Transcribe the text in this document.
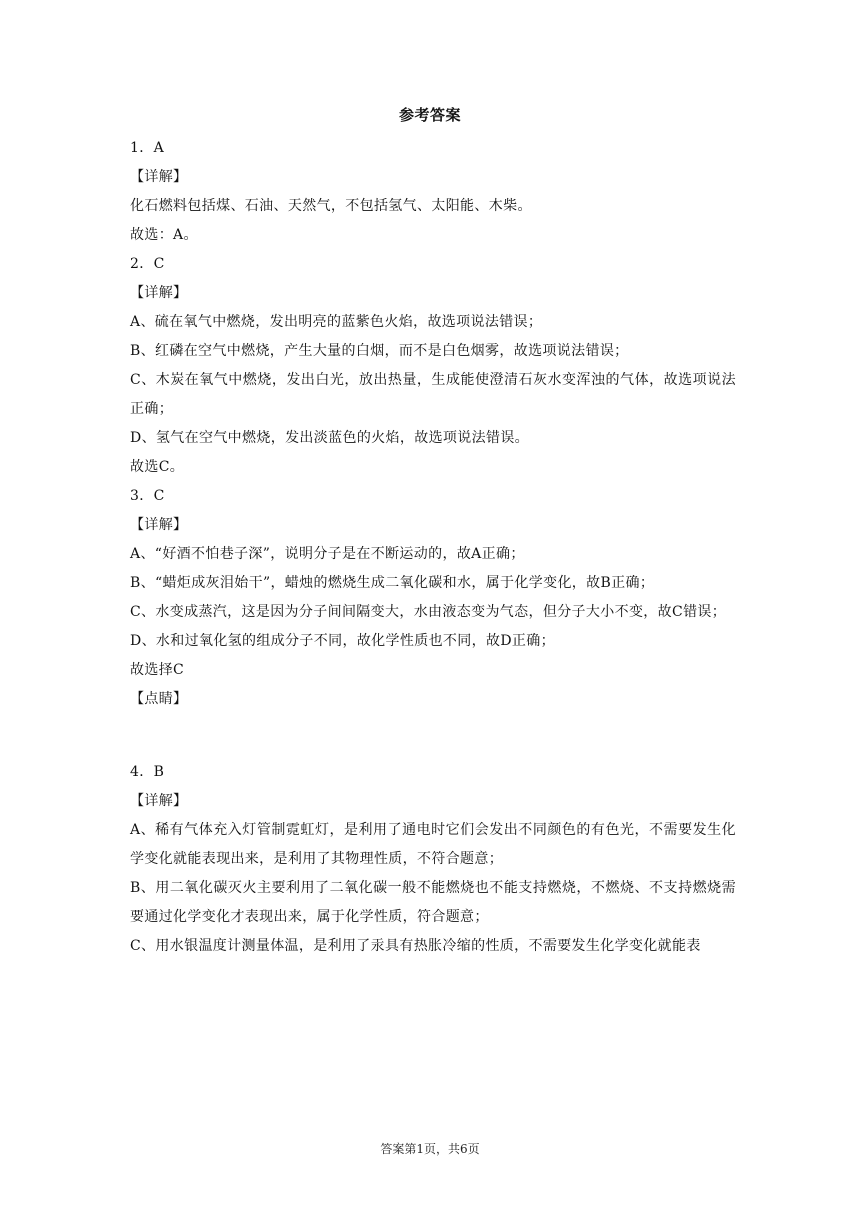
参考答案

1．A

【详解】

化石燃料包括煤、石油、天然气，不包括氢气、太阳能、木柴。

故选：A。

2．C

【详解】

A、硫在氧气中燃烧，发出明亮的蓝紫色火焰，故选项说法错误；

B、红磷在空气中燃烧，产生大量的白烟，而不是白色烟雾，故选项说法错误；

C、木炭在氧气中燃烧，发出白光，放出热量，生成能使澄清石灰水变浑浊的气体，故选项说法正确；

D、氢气在空气中燃烧，发出淡蓝色的火焰，故选项说法错误。

故选C。

3．C

【详解】

A、“好酒不怕巷子深”，说明分子是在不断运动的，故A正确；

B、“蜡炬成灰泪始干”，蜡烛的燃烧生成二氧化碳和水，属于化学变化，故B正确；

C、水变成蒸汽，这是因为分子间间隔变大，水由液态变为气态，但分子大小不变，故C错误；

D、水和过氧化氢的组成分子不同，故化学性质也不同，故D正确；

故选择C

【点睛】

4．B

【详解】

A、稀有气体充入灯管制霓虹灯，是利用了通电时它们会发出不同颜色的有色光，不需要发生化学变化就能表现出来，是利用了其物理性质，不符合题意；

B、用二氧化碳灭火主要利用了二氧化碳一般不能燃烧也不能支持燃烧，不燃烧、不支持燃烧需要通过化学变化才表现出来，属于化学性质，符合题意；

C、用水银温度计测量体温，是利用了汞具有热胀冷缩的性质，不需要发生化学变化就能表

答案第1页，共6页
